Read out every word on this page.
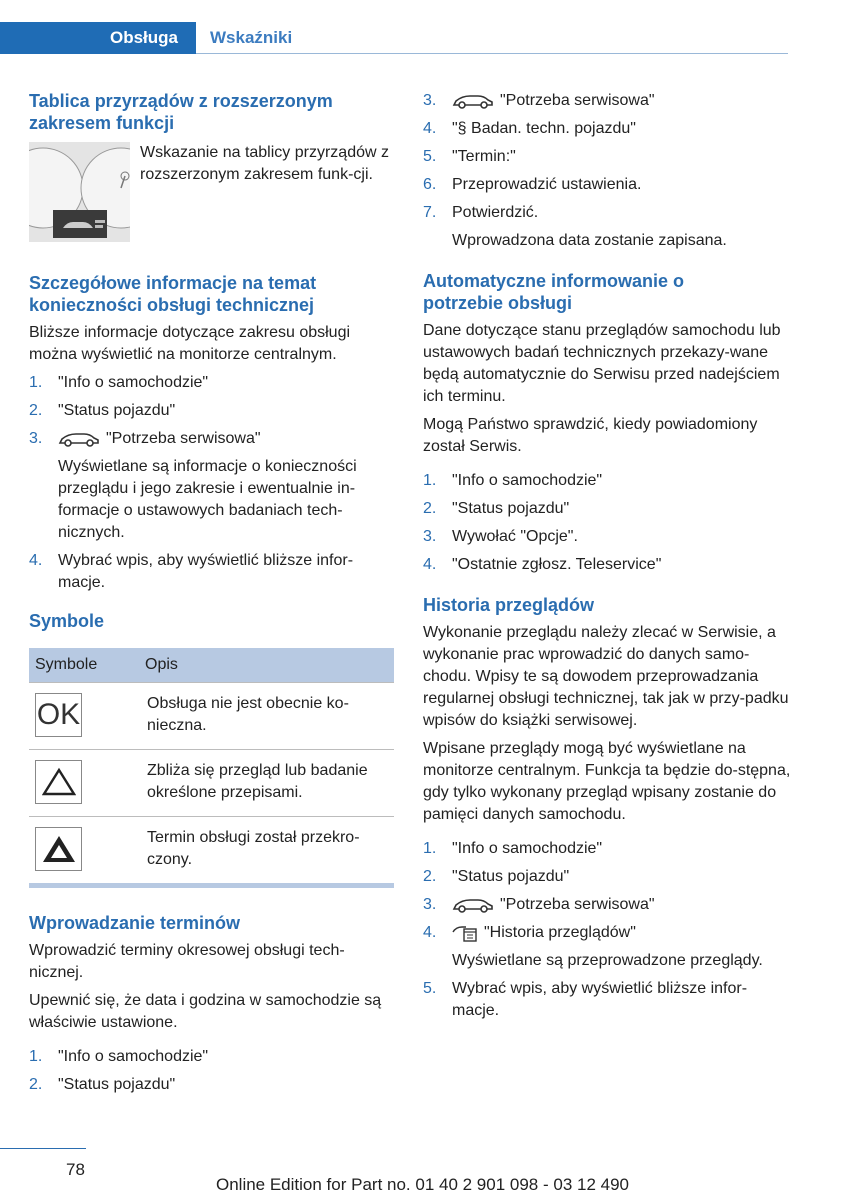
Obsługa Wskaźniki
Tablica przyrządów z rozszerzonym zakresem funkcji

Wskazanie na tablicy przyrządów z rozszerzonym zakresem funk-cji.

Szczegółowe informacje na temat konieczności obsługi technicznej

Bliższe informacje dotyczące zakresu obsługi można wyświetlić na monitorze centralnym.

1. "Info o samochodzie"
2. "Status pojazdu"
3.	"Potrzeba serwisowa"
Wyświetlane są informacje o konieczności przeglądu i jego zakresie i ewentualnie in-formacje o ustawowych badaniach tech-nicznych.
4. Wybrać wpis, aby wyświetlić bliższe infor-macje.
Symbole
Symbole	Opis

OK	Obsługa nie jest obecnie ko-nieczna.

	Zbliża się przegląd lub badanie określone przepisami.

	Termin obsługi został przekro-czony.
Wprowadzanie terminów

Wprowadzić terminy okresowej obsługi tech-nicznej.

Upewnić się, że data i godzina w samochodzie są właściwie ustawione.

1. "Info o samochodzie"
2. "Status pojazdu"
3.	"Potrzeba serwisowa"
4. "§ Badan. techn. pojazdu"
5. "Termin:"
6. Przeprowadzić ustawienia.
7. Potwierdzić.
Wprowadzona data zostanie zapisana.
Automatyczne informowanie o potrzebie obsługi

Dane dotyczące stanu przeglądów samochodu lub ustawowych badań technicznych przekazy-wane będą automatycznie do Serwisu przed nadejściem ich terminu.

Mogą Państwo sprawdzić, kiedy powiadomiony został Serwis.

1. "Info o samochodzie"
2. "Status pojazdu"
3. Wywołać "Opcje".
4. "Ostatnie zgłosz. Teleservice"
Historia przeglądów

Wykonanie przeglądu należy zlecać w Serwisie, a wykonanie prac wprowadzić do danych samo-chodu. Wpisy te są dowodem przeprowadzania regularnej obsługi technicznej, tak jak w przy-padku wpisów do książki serwisowej.

Wpisane przeglądy mogą być wyświetlane na monitorze centralnym. Funkcja ta będzie do-stępna, gdy tylko wykonany przegląd wpisany zostanie do pamięci danych samochodu.

1. "Info o samochodzie"
2. "Status pojazdu"
3.	"Potrzeba serwisowa"
4.	"Historia przeglądów"
Wyświetlane są przeprowadzone przeglądy.
5. Wybrać wpis, aby wyświetlić bliższe infor-macje.
78
Online Edition for Part no. 01 40 2 901 098 - 03 12 490
